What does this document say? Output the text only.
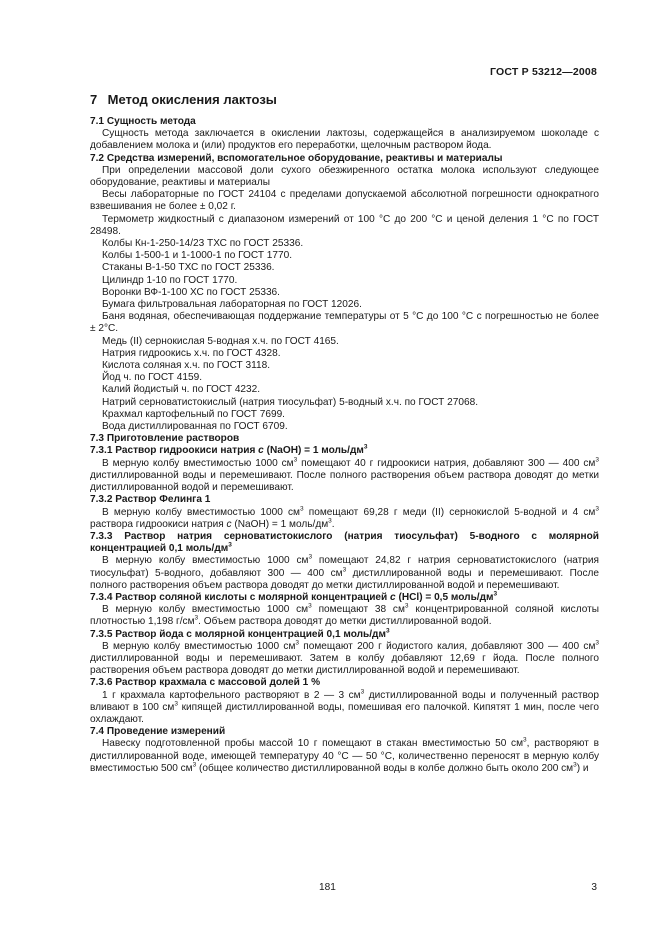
ГОСТ Р 53212—2008
7 Метод окисления лактозы

7.1 Сущность метода

Сущность метода заключается в окислении лактозы, содержащейся в анализируемом шоколаде с добавлением молока и (или) продуктов его переработки, щелочным раствором йода.

7.2 Средства измерений, вспомогательное оборудование, реактивы и материалы

При определении массовой доли сухого обезжиренного остатка молока используют следующее оборудование, реактивы и материалы

Весы лабораторные по ГОСТ 24104 с пределами допускаемой абсолютной погрешности однократного взвешивания не более ± 0,02 г.

Термометр жидкостный с диапазоном измерений от 100 °С до 200 °С и ценой деления 1 °С по ГОСТ 28498.

Колбы Кн-1-250-14/23 ТХС по ГОСТ 25336.

Колбы 1-500-1 и 1-1000-1 по ГОСТ 1770.

Стаканы В-1-50 ТХС по ГОСТ 25336.

Цилиндр 1-10 по ГОСТ 1770.

Воронки ВФ-1-100 ХС по ГОСТ 25336.

Бумага фильтровальная лабораторная по ГОСТ 12026.

Баня водяная, обеспечивающая поддержание температуры от 5 °С до 100 °С с погрешностью не более ± 2°С.

Медь (II) сернокислая 5-водная х.ч. по ГОСТ 4165.

Натрия гидроокись х.ч. по ГОСТ 4328.

Кислота соляная х.ч. по ГОСТ 3118.

Йод ч. по ГОСТ 4159.

Калий йодистый ч. по ГОСТ 4232.

Натрий серноватистокислый (натрия тиосульфат) 5-водный х.ч. по ГОСТ 27068.

Крахмал картофельный по ГОСТ 7699.

Вода дистиллированная по ГОСТ 6709.

7.3 Приготовление растворов

7.3.1 Раствор гидроокиси натрия c (NaOH) = 1 моль/$дм^3$

В мерную колбу вместимостью 1000 $см^3$ помещают 40 г гидроокиси натрия, добавляют 300 — 400 $см^3$ дистиллированной воды и перемешивают. После полного растворения объем раствора доводят до метки дистиллированной водой и перемешивают.

7.3.2 Раствор Фелинга 1

В мерную колбу вместимостью 1000 $см^3$ помещают 69,28 г меди (II) сернокислой 5-водной и 4 $см^3$ раствора гидроокиси натрия c (NaOH) = 1 моль/$дм^3$.

7.3.3 Раствор натрия серноватистокислого (натрия тиосульфат) 5-водного с молярной концентрацией 0,1 моль/$дм^3$

В мерную колбу вместимостью 1000 $см^3$ помещают 24,82 г натрия серноватистокислого (натрия тиосульфат) 5-водного, добавляют 300 — 400 $см^3$ дистиллированной воды и перемешивают. После полного растворения объем раствора доводят до метки дистиллированной водой и перемешивают.

7.3.4 Раствор соляной кислоты с молярной концентрацией c (HCl) = 0,5 моль/$дм^3$

В мерную колбу вместимостью 1000 $см^3$ помещают 38 $см^3$ концентрированной соляной кислоты плотностью 1,198 $г/см^3$. Объем раствора доводят до метки дистиллированной водой.

7.3.5 Раствор йода с молярной концентрацией 0,1 моль/$дм^3$

В мерную колбу вместимостью 1000 $см^3$ помещают 200 г йодистого калия, добавляют 300 — 400 $см^3$ дистиллированной воды и перемешивают. Затем в колбу добавляют 12,69 г йода. После полного растворения объем раствора доводят до метки дистиллированной водой и перемешивают.

7.3.6 Раствор крахмала с массовой долей 1 %

1 г крахмала картофельного растворяют в 2 — 3 $см^3$ дистиллированной воды и полученный раствор вливают в 100 $см^3$ кипящей дистиллированной воды, помешивая его палочкой. Кипятят 1 мин, после чего охлаждают.

7.4 Проведение измерений

Навеску подготовленной пробы массой 10 г помещают в стакан вместимостью 50 $см^3$, растворяют в дистиллированной воде, имеющей температуру 40 °С — 50 °С, количественно переносят в мерную колбу вместимостью 500 $см^3$ (общее количество дистиллированной воды в колбе должно быть около 200 $см^3$) и

181	3
